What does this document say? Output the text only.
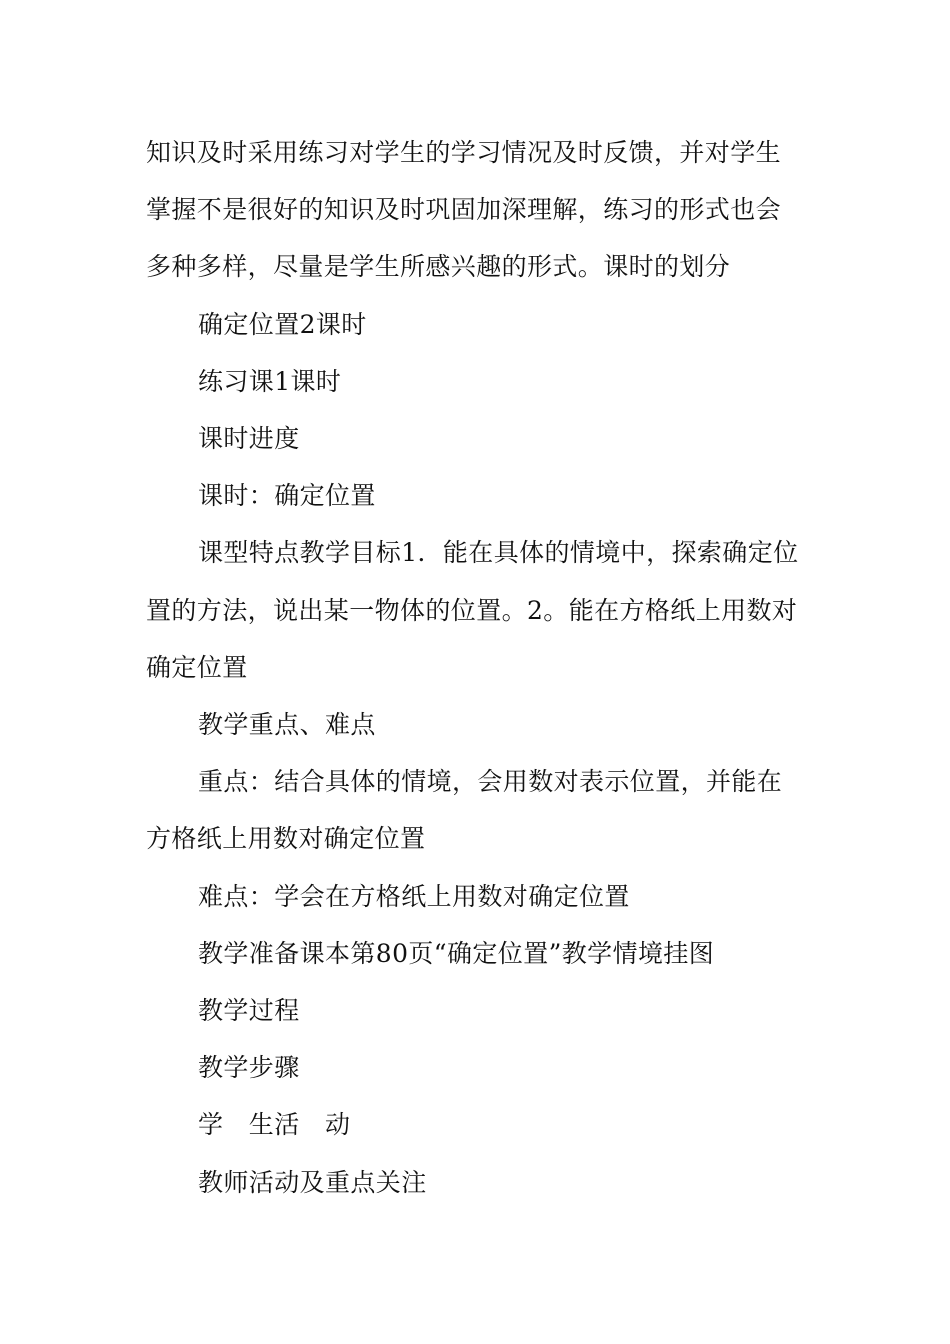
知识及时采用练习对学生的学习情况及时反馈，并对学生掌握不是很好的知识及时巩固加深理解，练习的形式也会多种多样，尽量是学生所感兴趣的形式。课时的划分

确定位置2课时

练习课1课时

课时进度

课时：确定位置

课型特点教学目标1．能在具体的情境中，探索确定位置的方法，说出某一物体的位置。2。能在方格纸上用数对确定位置

教学重点、难点

重点：结合具体的情境，会用数对表示位置，并能在方格纸上用数对确定位置

难点：学会在方格纸上用数对确定位置

教学准备课本第80页“确定位置”教学情境挂图

教学过程

教学步骤

学　生活　动

教师活动及重点关注
